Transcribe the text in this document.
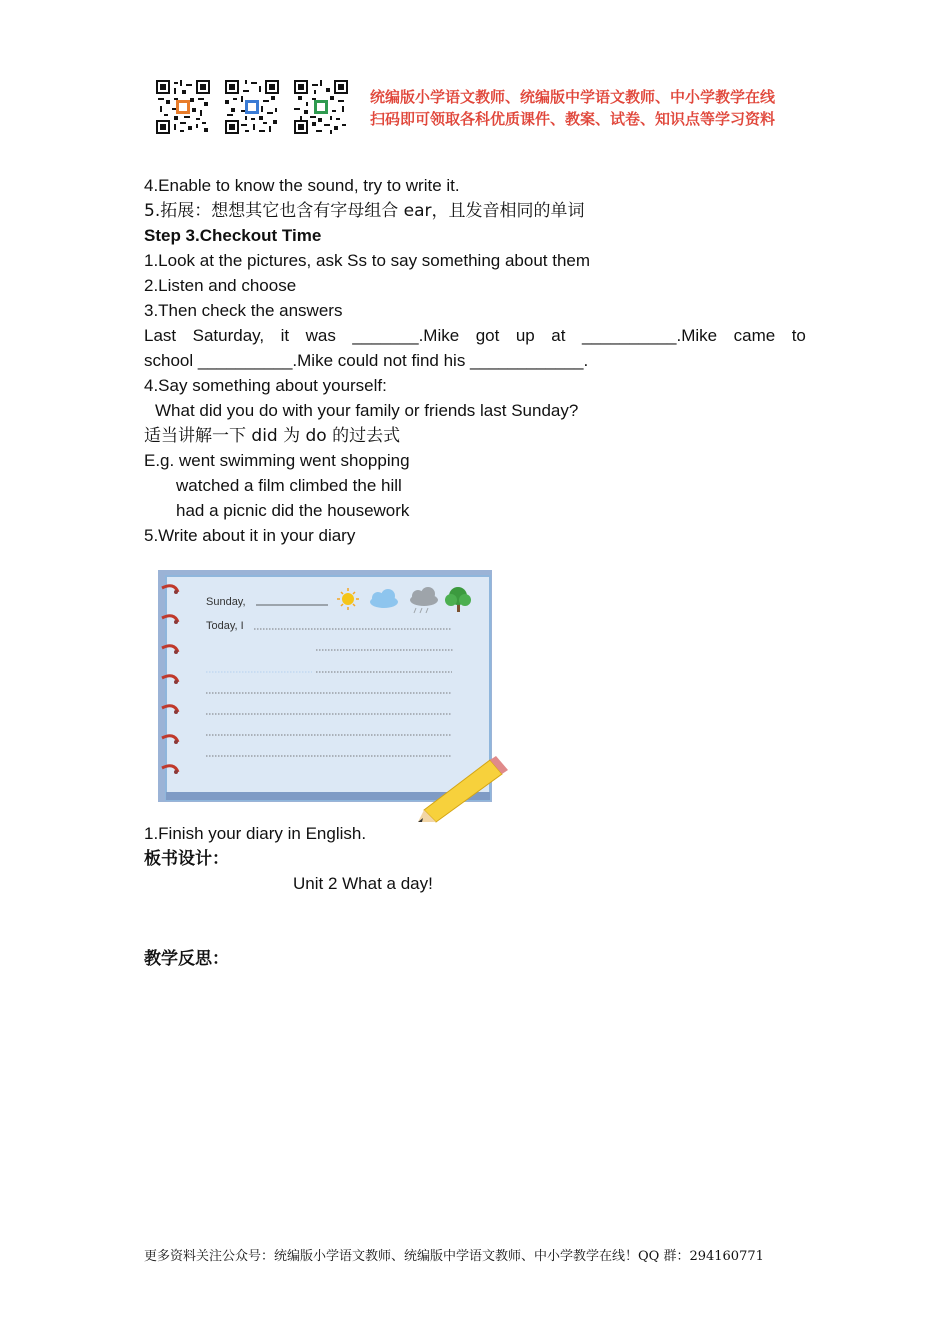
统编版小学语文教师、统编版中学语文教师、中小学教学在线
扫码即可领取各科优质课件、教案、试卷、知识点等学习资料
4.Enable to know the sound, try to write it.
5.拓展：想想其它也含有字母组合 ear，且发音相同的单词
Step 3.Checkout Time
1.Look at the pictures, ask Ss to say something about them
2.Listen and choose
3.Then check the answers
Last Saturday, it was _______.Mike got up at __________.Mike came to
school __________.Mike could not find his ____________.
4.Say something about yourself:
What did you do with your family or friends last Sunday?
适当讲解一下 did 为 do 的过去式
E.g. went swimming went shopping
watched a film climbed the hill
had a picnic did the housework
5.Write about it in your diary
Sunday,
Today, I
1.Finish your diary in English.
板书设计：
Unit 2 What a day!
教学反思：
更多资料关注公众号：统编版小学语文教师、统编版中学语文教师、中小学教学在线！QQ 群：294160771
